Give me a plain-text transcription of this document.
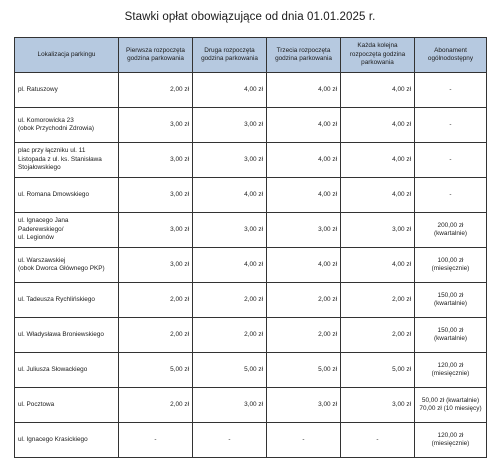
Stawki opłat obowiązujące od dnia 01.01.2025 r.
Lokalizacja parkingu	Pierwsza rozpoczęta godzina parkowania	Druga rozpoczęta godzina parkowania	Trzecia rozpoczęta godzina parkowania	Każda kolejna rozpoczęta godzina parkowania	Abonament ogólnodostępny
pl. Ratuszowy	2,00 zł	4,00 zł	4,00 zł	4,00 zł	-
ul. Komorowicka 23
(obok Przychodni Zdrowia)	3,00 zł	3,00 zł	4,00 zł	4,00 zł	-
plac przy łączniku ul. 11
Listopada z ul. ks. Stanisława
Stojałowskiego	3,00 zł	3,00 zł	4,00 zł	4,00 zł	-
ul. Romana Dmowskiego	3,00 zł	4,00 zł	4,00 zł	4,00 zł	-
ul. Ignacego Jana
Paderewskiego/
ul. Legionów	3,00 zł	3,00 zł	3,00 zł	3,00 zł	200,00 zł
(kwartalnie)
ul. Warszawskiej
(obok Dworca Głównego PKP)	3,00 zł	4,00 zł	4,00 zł	4,00 zł	100,00 zł
(miesięcznie)
ul. Tadeusza Rychlińskiego	2,00 zł	2,00 zł	2,00 zł	2,00 zł	150,00 zł
(kwartalnie)
ul. Władysława Broniewskiego	2,00 zł	2,00 zł	2,00 zł	2,00 zł	150,00 zł
(kwartalnie)
ul. Juliusza Słowackiego	5,00 zł	5,00 zł	5,00 zł	5,00 zł	120,00 zł
(miesięcznie)
ul. Pocztowa	2,00 zł	3,00 zł	3,00 zł	3,00 zł	50,00 zł (kwartalnie)
70,00 zł (10 miesięcy)
ul. Ignacego Krasickiego	-	-	-	-	120,00 zł
(miesięcznie)
